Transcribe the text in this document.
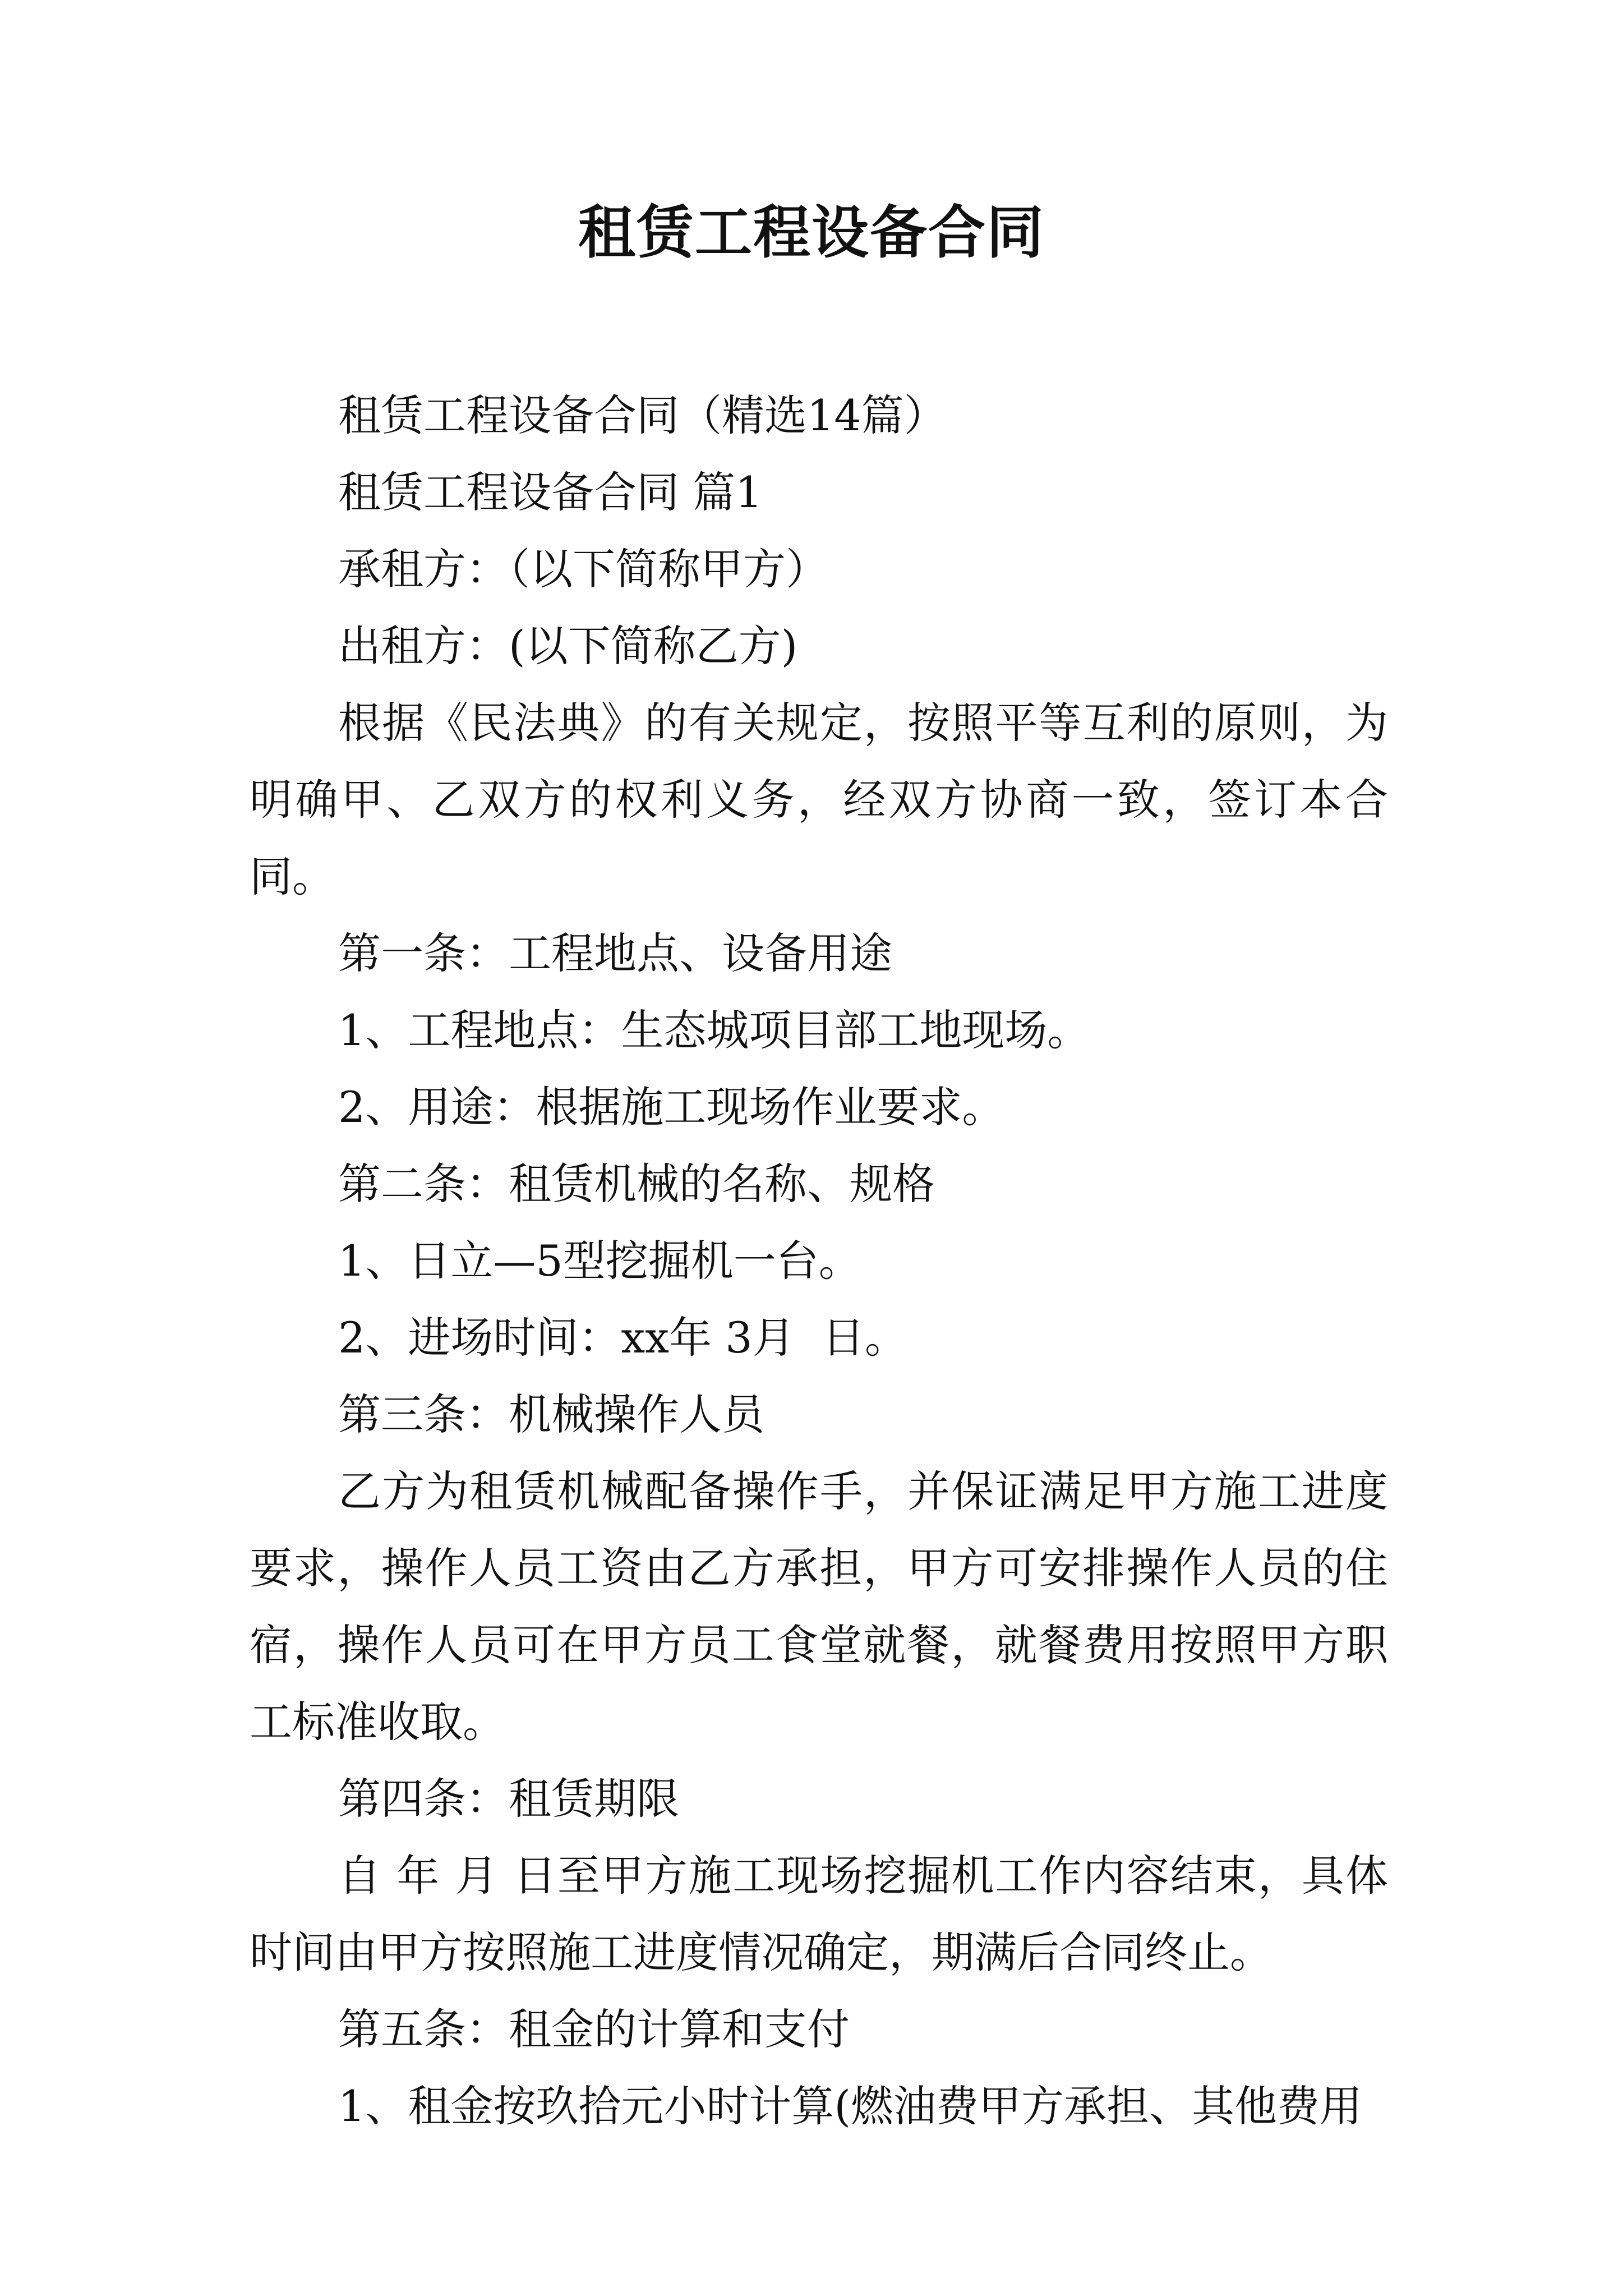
租赁工程设备合同

租赁工程设备合同（精选14篇）

租赁工程设备合同 篇1

承租方：（以下简称甲方）

出租方：(以下简称乙方)

根据《民法典》的有关规定，按照平等互利的原则，为明确甲、乙双方的权利义务，经双方协商一致，签订本合同。

第一条：工程地点、设备用途

1、工程地点：生态城项目部工地现场。

2、用途：根据施工现场作业要求。

第二条：租赁机械的名称、规格

1、日立—5型挖掘机一台。

2、进场时间：xx年 3月  日。

第三条：机械操作人员

乙方为租赁机械配备操作手，并保证满足甲方施工进度要求，操作人员工资由乙方承担，甲方可安排操作人员的住宿，操作人员可在甲方员工食堂就餐，就餐费用按照甲方职工标准收取。

第四条：租赁期限

自 年 月 日至甲方施工现场挖掘机工作内容结束，具体时间由甲方按照施工进度情况确定，期满后合同终止。

第五条：租金的计算和支付

1、租金按玖拾元小时计算(燃油费甲方承担、其他费用
